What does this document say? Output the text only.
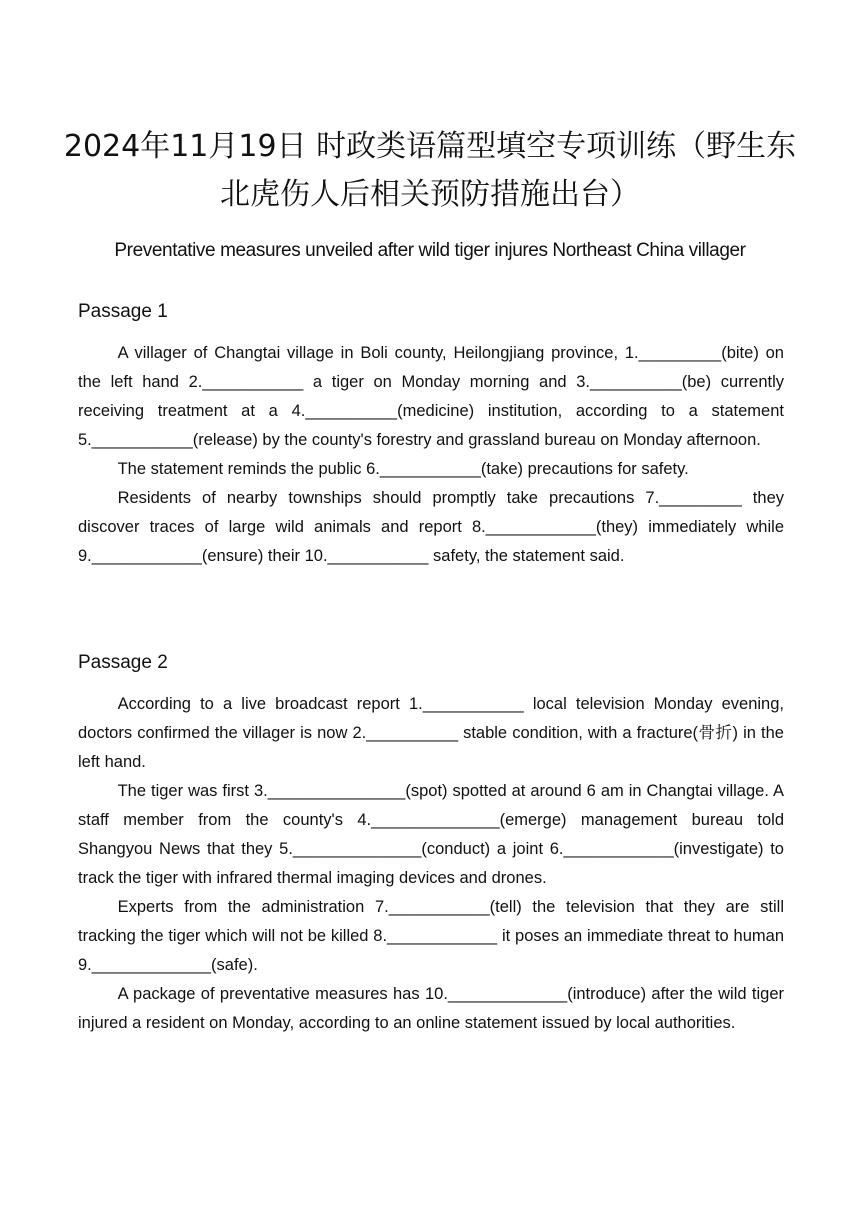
2024年11月19日 时政类语篇型填空专项训练（野生东北虎伤人后相关预防措施出台）
Preventative measures unveiled after wild tiger injures Northeast China villager
Passage 1

A villager of Changtai village in Boli county, Heilongjiang province, 1._________(bite) on the left hand 2.___________ a tiger on Monday morning and 3.__________(be) currently receiving treatment at a 4.__________(medicine) institution, according to a statement 5.___________(release) by the county's forestry and grassland bureau on Monday afternoon.

The statement reminds the public 6.___________(take) precautions for safety.

Residents of nearby townships should promptly take precautions 7._________ they discover traces of large wild animals and report 8.____________(they) immediately while 9.____________(ensure) their 10.___________ safety, the statement said.

Passage 2

According to a live broadcast report 1.___________ local television Monday evening, doctors confirmed the villager is now 2.__________ stable condition, with a fracture(骨折) in the left hand.

The tiger was first 3._______________(spot) spotted at around 6 am in Changtai village. A staff member from the county's 4.______________(emerge) management bureau told Shangyou News that they 5.______________(conduct) a joint 6.____________(investigate) to track the tiger with infrared thermal imaging devices and drones.

Experts from the administration 7.___________(tell) the television that they are still tracking the tiger which will not be killed 8.____________ it poses an immediate threat to human 9._____________(safe).

A package of preventative measures has 10._____________(introduce) after the wild tiger injured a resident on Monday, according to an online statement issued by local authorities.
